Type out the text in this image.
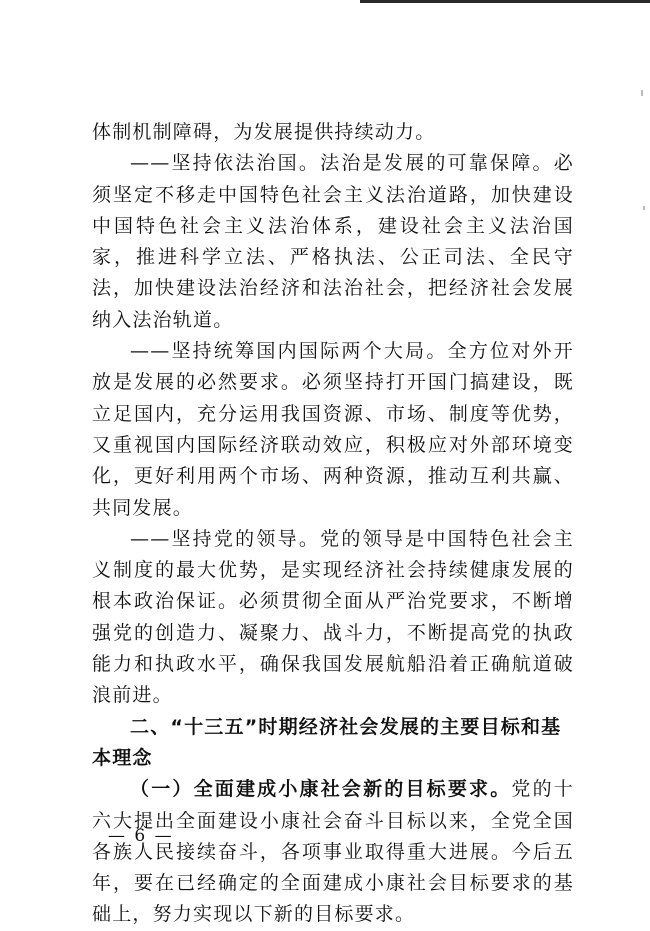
体制机制障碍，为发展提供持续动力。

——坚持依法治国。法治是发展的可靠保障。必须坚定不移走中国特色社会主义法治道路，加快建设中国特色社会主义法治体系，建设社会主义法治国家，推进科学立法、严格执法、公正司法、全民守法，加快建设法治经济和法治社会，把经济社会发展纳入法治轨道。

——坚持统筹国内国际两个大局。全方位对外开放是发展的必然要求。必须坚持打开国门搞建设，既立足国内，充分运用我国资源、市场、制度等优势，又重视国内国际经济联动效应，积极应对外部环境变化，更好利用两个市场、两种资源，推动互利共赢、共同发展。

——坚持党的领导。党的领导是中国特色社会主义制度的最大优势，是实现经济社会持续健康发展的根本政治保证。必须贯彻全面从严治党要求，不断增强党的创造力、凝聚力、战斗力，不断提高党的执政能力和执政水平，确保我国发展航船沿着正确航道破浪前进。

二、“十三五”时期经济社会发展的主要目标和基本理念

（一）全面建成小康社会新的目标要求。党的十六大提出全面建设小康社会奋斗目标以来，全党全国各族人民接续奋斗，各项事业取得重大进展。今后五年，要在已经确定的全面建成小康社会目标要求的基础上，努力实现以下新的目标要求。

— 6 —
